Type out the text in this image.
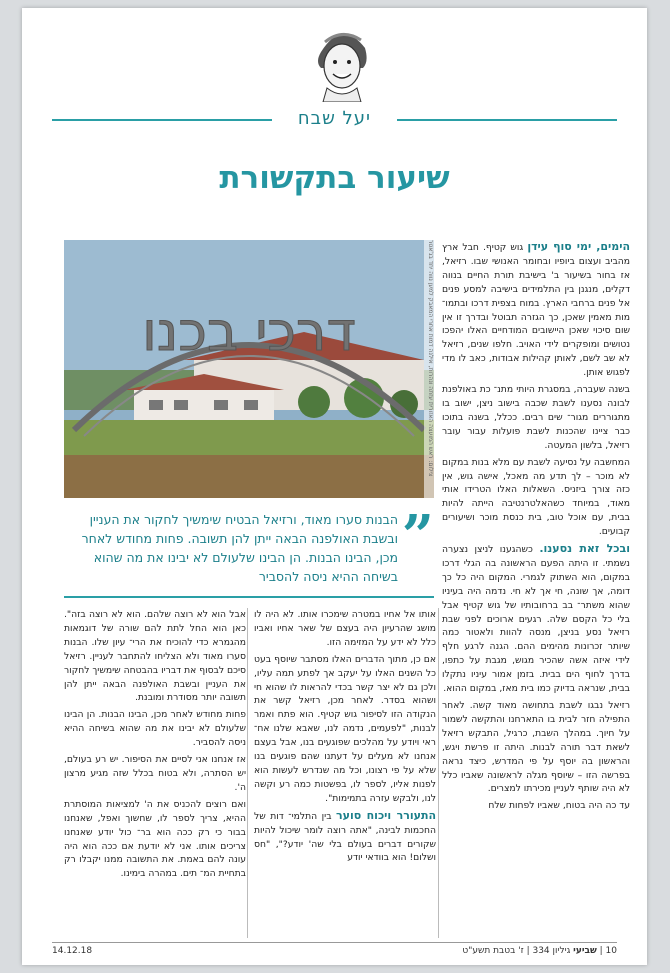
יעל שבח
שיעור בתקשורת
דרכי בכנו	צילום: ראש המועצה האזורית עזתה ונהרות, אילנה דמות אחרי המאבק למען נווה יחד בג'אטר	הימים, ימי סוף עידן גוש קטיף. חבל ארץ מהביב ועצום ביופיו ובחומר האנושי שבו. רזיאל, אז בחור בשיעור ב' בישיבת תורת החיים בנווה דקלים, מנגנן בין התלמידים בישיבה למסע פנים אל פנים ברחבי הארץ. במוח בצפית דרכו ובתמו־ מות מאמין שאכן, כך הגזרה תבוטל ובדרך זו אין שום סיכוי שאכן היישובים המודחיים האלו יהפכו נטושים ומופקרים לידי האויב. חלפו שנים, רזיאל לא שב לשם, לאותן קהילות אבודות, כאב לו מדי לפגוש אותן.

בשנה שעברה, במסגרת היותי מתנ־ כת באולפנת לבונה נסענו לשבת שכבה בישוב ניצן, ישוב בו מתגוררים מגור־ שים רבים. ככלל, בשנה בתוכו כבר ציינו שהכנות לשבת פועלות עבור עובר רזיאל, בלשון המעטה.

המחשבה על נסיעה לשבת עם מלא בנות במקום לא מוכר – לך תדע מה מאכל, אישה גוש, אין כזה צורך ביזניס. השאלות האלו הטרידו אותי מאוד, במיוחד כשהאלטרנטיבה הייתה להיות בבית, עם אוכל טוב, בית כנסת מוכר ושיעורים קבועים.

ובכל זאת נסענו. כשהגענו לניצן נצערה נשמתי. זו היתה הפעם הראשונה בה הגלי דרכו במקום, הוא השתוק לגמרי. המקום היה כל כך דומה, אך שונה, חי אך לא חי. נדמה היה בעיניו שהוא משתר־ בב ברחובותיו של גוש קטיף אבל בלי כל הקסם שלה. רגעים ארוכים לפני שבת רזיאל נסע בניצן, מנסה להוות ולאטור כמה שיותר זכרונות מהימים ההם. הגנה לרגע חלף לידי איזה אשה שהכיר מגוש, מגבת על כתפו, בדרך לחוף הים בבית. בזמן אמור עיניו נתקלו בבית, שנראה בדיוק כמו בית מאז, במקום ההוא.

רזיאל נבגו לשבת בתחושה מאוד קשה. לאחר התפילה חזר לבית בו התארחנו והתקשה לשמור על חיוך. במהלך השבת, כרגיל, התבקש רזיאל לשאת דבר תורה לבנות. היתה זו פרשת ויגש, והראשון בה יוסף על פי המדרש, כיצד נראה בפרשה הזו – שיוסף מגלה לראשונה שאביו כלל לא היה שותף לעניין מכירתו למצרים.

עד כה היה בטוח, שאביו לפחות שלח

”
הבנות סערו מאוד, ורזיאל הבטיח שימשיך לחקור את העניין ובשבת האולפנה הבאה ייתן להן תשובה. פחות מחודש לאחר מכן, הבינו הבנות. הן הבינו שלעולם לא יבינו את מה שהוא בשיחה ההיא ניסה להסביר

אותו אל אחיו במטרה שימכרו אותו. לא היה לו מושג שהרעיון היה בעצם של שאר אחיו ואביו כלל לא ידע על המזימה הזו.

אם כן, מתוך הדברים האלו מסתבר שיוסף בעט כל השנים האלו על יעקב אך לפתע תמה עליו, ולכן גם לא יצר קשר בכדי להראות לו שהוא חי ושהוא בסדר. לאחר מכן, רזיאל קשר את הנקודה הזו לסיפור גוש קטיף. הוא פתח ואמר לבנות, "לפעמים, נדמה לנו, שאבא שלנו אח־ ראי ויודע על מהלכים שפוגעים בנו, אבל בעצם אנחנו לא מעלים על דעתנו שהם פוגעים בנו שלא על פי רצונו, וכל מה שנדרש לעשות הוא לפנות אליו, לספר לו, בפשטות כמה רע וקשה לנו, ולבקש עזרה בתמימות".

התעורר ויכוח סוער בין התלמי־ דות של החכמות לבינה, "אתה רוצה לומר שיכול להיות שקורים דברים בעולם בלי שה' יודע?", "חס ושלום! הוא בוודאי יודע

אבל הוא לא רוצה שלהם. הוא לא רוצה בזה". כאן הוא החל לתת להם שורה של דוגמאות מהגמרא כדי להוכיח את הרי־ עיון שלו. הבנות סערו מאוד ולא הצליחו להתחבר לעניין. רזיאל סיכם לבסוף את דבריו בהבטחה שימשיך לחקור את העניין ובשבת האולפנה הבאה ייתן להן תשובה יותר מסודרת ומובנת.

פחות מחודש לאחר מכן, הבינו הבנות. הן הבינו שלעולם לא יבינו את מה שהוא בשיחה ההיא ניסה להסביר.

אז אנחנו אני לסיים את הסיפור. יש רע בעולם, יש הסתרה, ולא בטוח בכלל שזה מגיע מרצון ה'.

ואם רוצים להכניס את ה' למציאות המוסתרת ההיא, צריך לספר לו, שחשוך ואפל, שאנחנו בבור כי רק ככה הוא בר־ כול יודע שאנחנו צריכים אותו. אני לא יודעת אם ככה הוא היה עונה להם באמת. את התשובה ממנו יקבלו רק בתחיית המ־ תים. במהרה בימינו.

14.12.18	10 | שביעי גיליון 334 | ז' בטבת תשע"ט
